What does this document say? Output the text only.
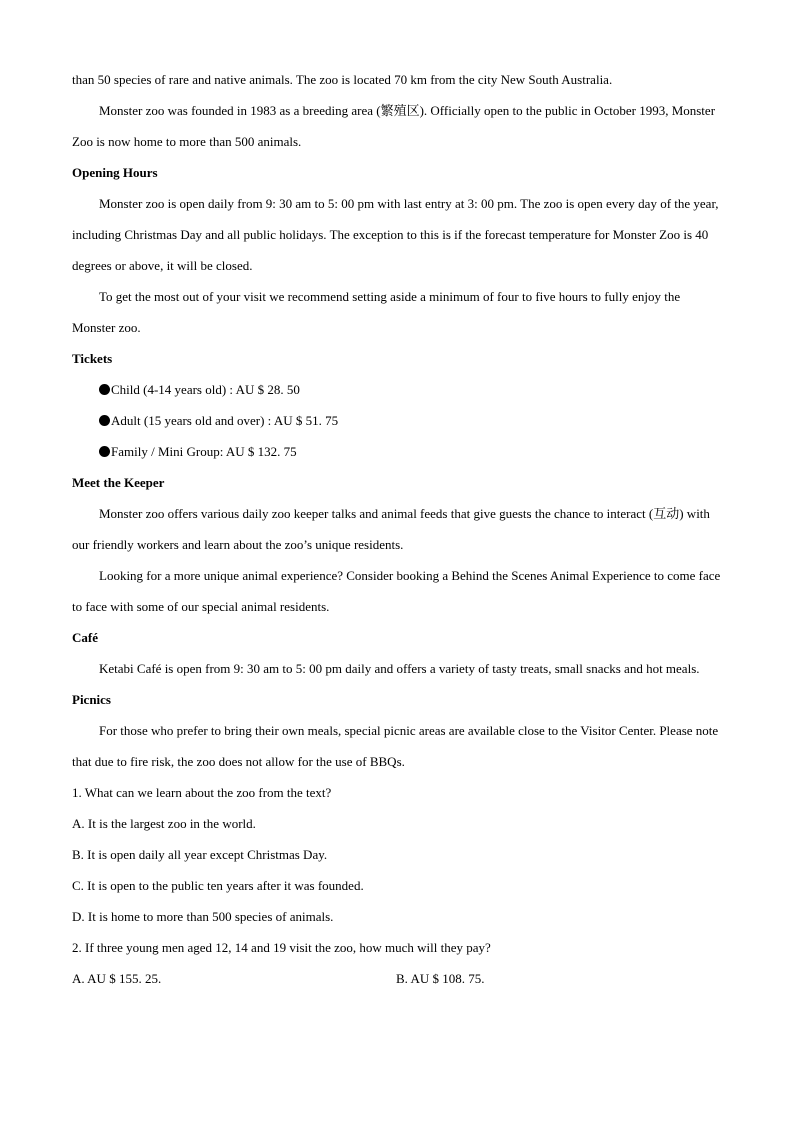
than 50 species of rare and native animals. The zoo is located 70 km from the city New South Australia.

Monster zoo was founded in 1983 as a breeding area (繁殖区). Officially open to the public in October 1993, Monster Zoo is now home to more than 500 animals.

Opening Hours

Monster zoo is open daily from 9: 30 am to 5: 00 pm with last entry at 3: 00 pm. The zoo is open every day of the year, including Christmas Day and all public holidays. The exception to this is if the forecast temperature for Monster Zoo is 40 degrees or above, it will be closed.

To get the most out of your visit we recommend setting aside a minimum of four to five hours to fully enjoy the Monster zoo.

Tickets

Child (4-14 years old) : AU $ 28. 50

Adult (15 years old and over) : AU $ 51. 75

Family / Mini Group: AU $ 132. 75

Meet the Keeper

Monster zoo offers various daily zoo keeper talks and animal feeds that give guests the chance to interact (互动) with our friendly workers and learn about the zoo’s unique residents.

Looking for a more unique animal experience? Consider booking a Behind the Scenes Animal Experience to come face to face with some of our special animal residents.

Café

Ketabi Café is open from 9: 30 am to 5: 00 pm daily and offers a variety of tasty treats, small snacks and hot meals.

Picnics

For those who prefer to bring their own meals, special picnic areas are available close to the Visitor Center. Please note that due to fire risk, the zoo does not allow for the use of BBQs.

1. What can we learn about the zoo from the text?

A. It is the largest zoo in the world.

B. It is open daily all year except Christmas Day.

C. It is open to the public ten years after it was founded.

D. It is home to more than 500 species of animals.

2. If three young men aged 12, 14 and 19 visit the zoo, how much will they pay?

A. AU $ 155. 25.	B. AU $ 108. 75.
